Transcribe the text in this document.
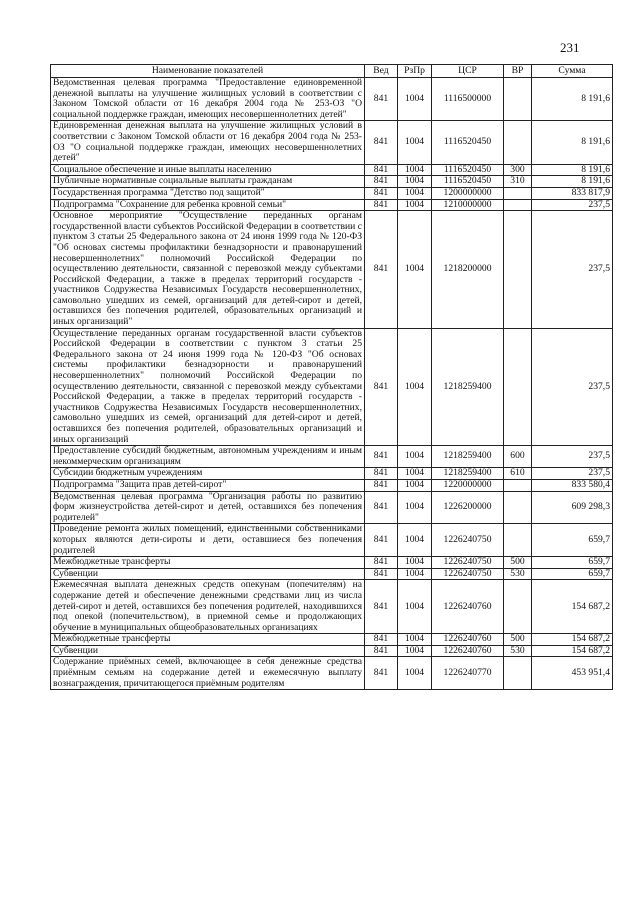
231
Наименование показателей	Вед	РзПр	ЦСР	ВР	Сумма
Ведомственная целевая программа "Предоставление единовременной денежной выплаты на улучшение жилищных условий в соответствии с Законом Томской области от 16 декабря 2004 года № 253-ОЗ "О социальной поддержке граждан, имеющих несовершеннолетних детей"	841	1004	1116500000		8 191,6
Единовременная денежная выплата на улучшение жилищных условий в соответствии с Законом Томской области от 16 декабря 2004 года № 253-ОЗ "О социальной поддержке граждан, имеющих несовершеннолетних детей"	841	1004	1116520450		8 191,6
Социальное обеспечение и иные выплаты населению	841	1004	1116520450	300	8 191,6
Публичные нормативные социальные выплаты гражданам	841	1004	1116520450	310	8 191,6
Государственная программа "Детство под защитой"	841	1004	1200000000		833 817,9
Подпрограмма "Сохранение для ребенка кровной семьи"	841	1004	1210000000		237,5
Основное мероприятие "Осуществление переданных органам государственной власти субъектов Российской Федерации в соответствии с пунктом 3 статьи 25 Федерального закона от 24 июня 1999 года № 120-ФЗ "Об основах системы профилактики безнадзорности и правонарушений несовершеннолетних" полномочий Российской Федерации по осуществлению деятельности, связанной с перевозкой между субъектами Российской Федерации, а также в пределах территорий государств - участников Содружества Независимых Государств несовершеннолетних, самовольно ушедших из семей, организаций для детей-сирот и детей, оставшихся без попечения родителей, образовательных организаций и иных организаций"	841	1004	1218200000		237,5
Осуществление переданных органам государственной власти субъектов Российской Федерации в соответствии с пунктом 3 статьи 25 Федерального закона от 24 июня 1999 года № 120-ФЗ "Об основах системы профилактики безнадзорности и правонарушений несовершеннолетних" полномочий Российской Федерации по осуществлению деятельности, связанной с перевозкой между субъектами Российской Федерации, а также в пределах территорий государств - участников Содружества Независимых Государств несовершеннолетних, самовольно ушедших из семей, организаций для детей-сирот и детей, оставшихся без попечения родителей, образовательных организаций и иных организаций	841	1004	1218259400		237,5
Предоставление субсидий бюджетным, автономным учреждениям и иным некоммерческим организациям	841	1004	1218259400	600	237,5
Субсидии бюджетным учреждениям	841	1004	1218259400	610	237,5
Подпрограмма "Защита прав детей-сирот"	841	1004	1220000000		833 580,4
Ведомственная целевая программа "Организация работы по развитию форм жизнеустройства детей-сирот и детей, оставшихся без попечения родителей"	841	1004	1226200000		609 298,3
Проведение ремонта жилых помещений, единственными собственниками которых являются дети-сироты и дети, оставшиеся без попечения родителей	841	1004	1226240750		659,7
Межбюджетные трансферты	841	1004	1226240750	500	659,7
Субвенции	841	1004	1226240750	530	659,7
Ежемесячная выплата денежных средств опекунам (попечителям) на содержание детей и обеспечение денежными средствами лиц из числа детей-сирот и детей, оставшихся без попечения родителей, находившихся под опекой (попечительством), в приемной семье и продолжающих обучение в муниципальных общеобразовательных организациях	841	1004	1226240760		154 687,2
Межбюджетные трансферты	841	1004	1226240760	500	154 687,2
Субвенции	841	1004	1226240760	530	154 687,2
Содержание приёмных семей, включающее в себя денежные средства приёмным семьям на содержание детей и ежемесячную выплату вознаграждения, причитающегося приёмным родителям	841	1004	1226240770		453 951,4
